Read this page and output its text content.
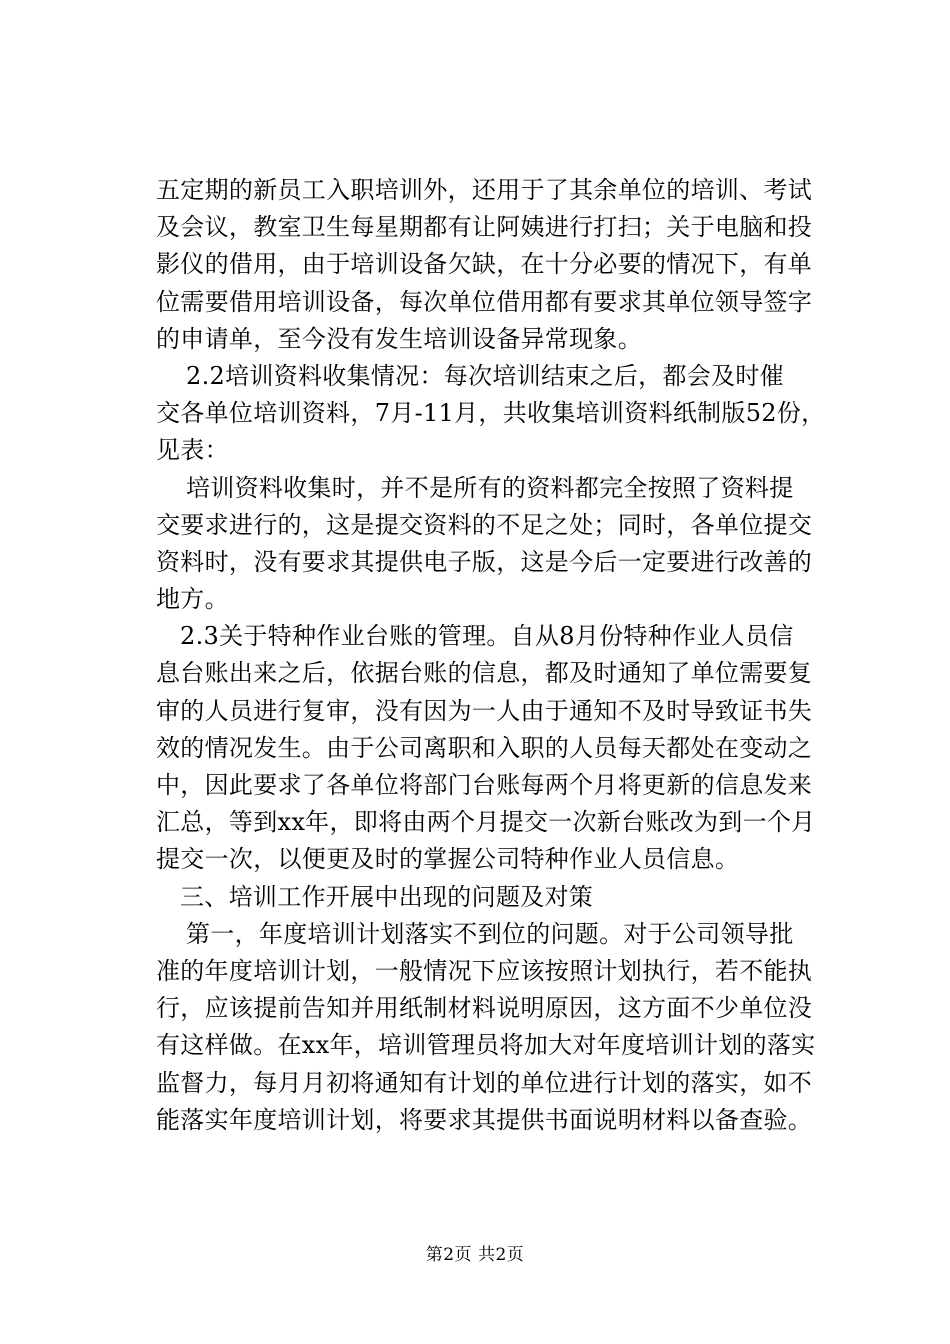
五定期的新员工入职培训外，还用于了其余单位的培训、考试
及会议，教室卫生每星期都有让阿姨进行打扫；关于电脑和投
影仪的借用，由于培训设备欠缺，在十分必要的情况下，有单
位需要借用培训设备，每次单位借用都有要求其单位领导签字
的申请单，至今没有发生培训设备异常现象。
2.2培训资料收集情况：每次培训结束之后，都会及时催
交各单位培训资料，7月-11月，共收集培训资料纸制版52份，
见表：
培训资料收集时，并不是所有的资料都完全按照了资料提
交要求进行的，这是提交资料的不足之处；同时，各单位提交
资料时，没有要求其提供电子版，这是今后一定要进行改善的
地方。
2.3关于特种作业台账的管理。自从8月份特种作业人员信
息台账出来之后，依据台账的信息，都及时通知了单位需要复
审的人员进行复审，没有因为一人由于通知不及时导致证书失
效的情况发生。由于公司离职和入职的人员每天都处在变动之
中，因此要求了各单位将部门台账每两个月将更新的信息发来
汇总，等到xx年，即将由两个月提交一次新台账改为到一个月
提交一次，以便更及时的掌握公司特种作业人员信息。
三、培训工作开展中出现的问题及对策
第一，年度培训计划落实不到位的问题。对于公司领导批
准的年度培训计划，一般情况下应该按照计划执行，若不能执
行，应该提前告知并用纸制材料说明原因，这方面不少单位没
有这样做。在xx年，培训管理员将加大对年度培训计划的落实
监督力，每月月初将通知有计划的单位进行计划的落实，如不
能落实年度培训计划，将要求其提供书面说明材料以备查验。
第2页 共2页
